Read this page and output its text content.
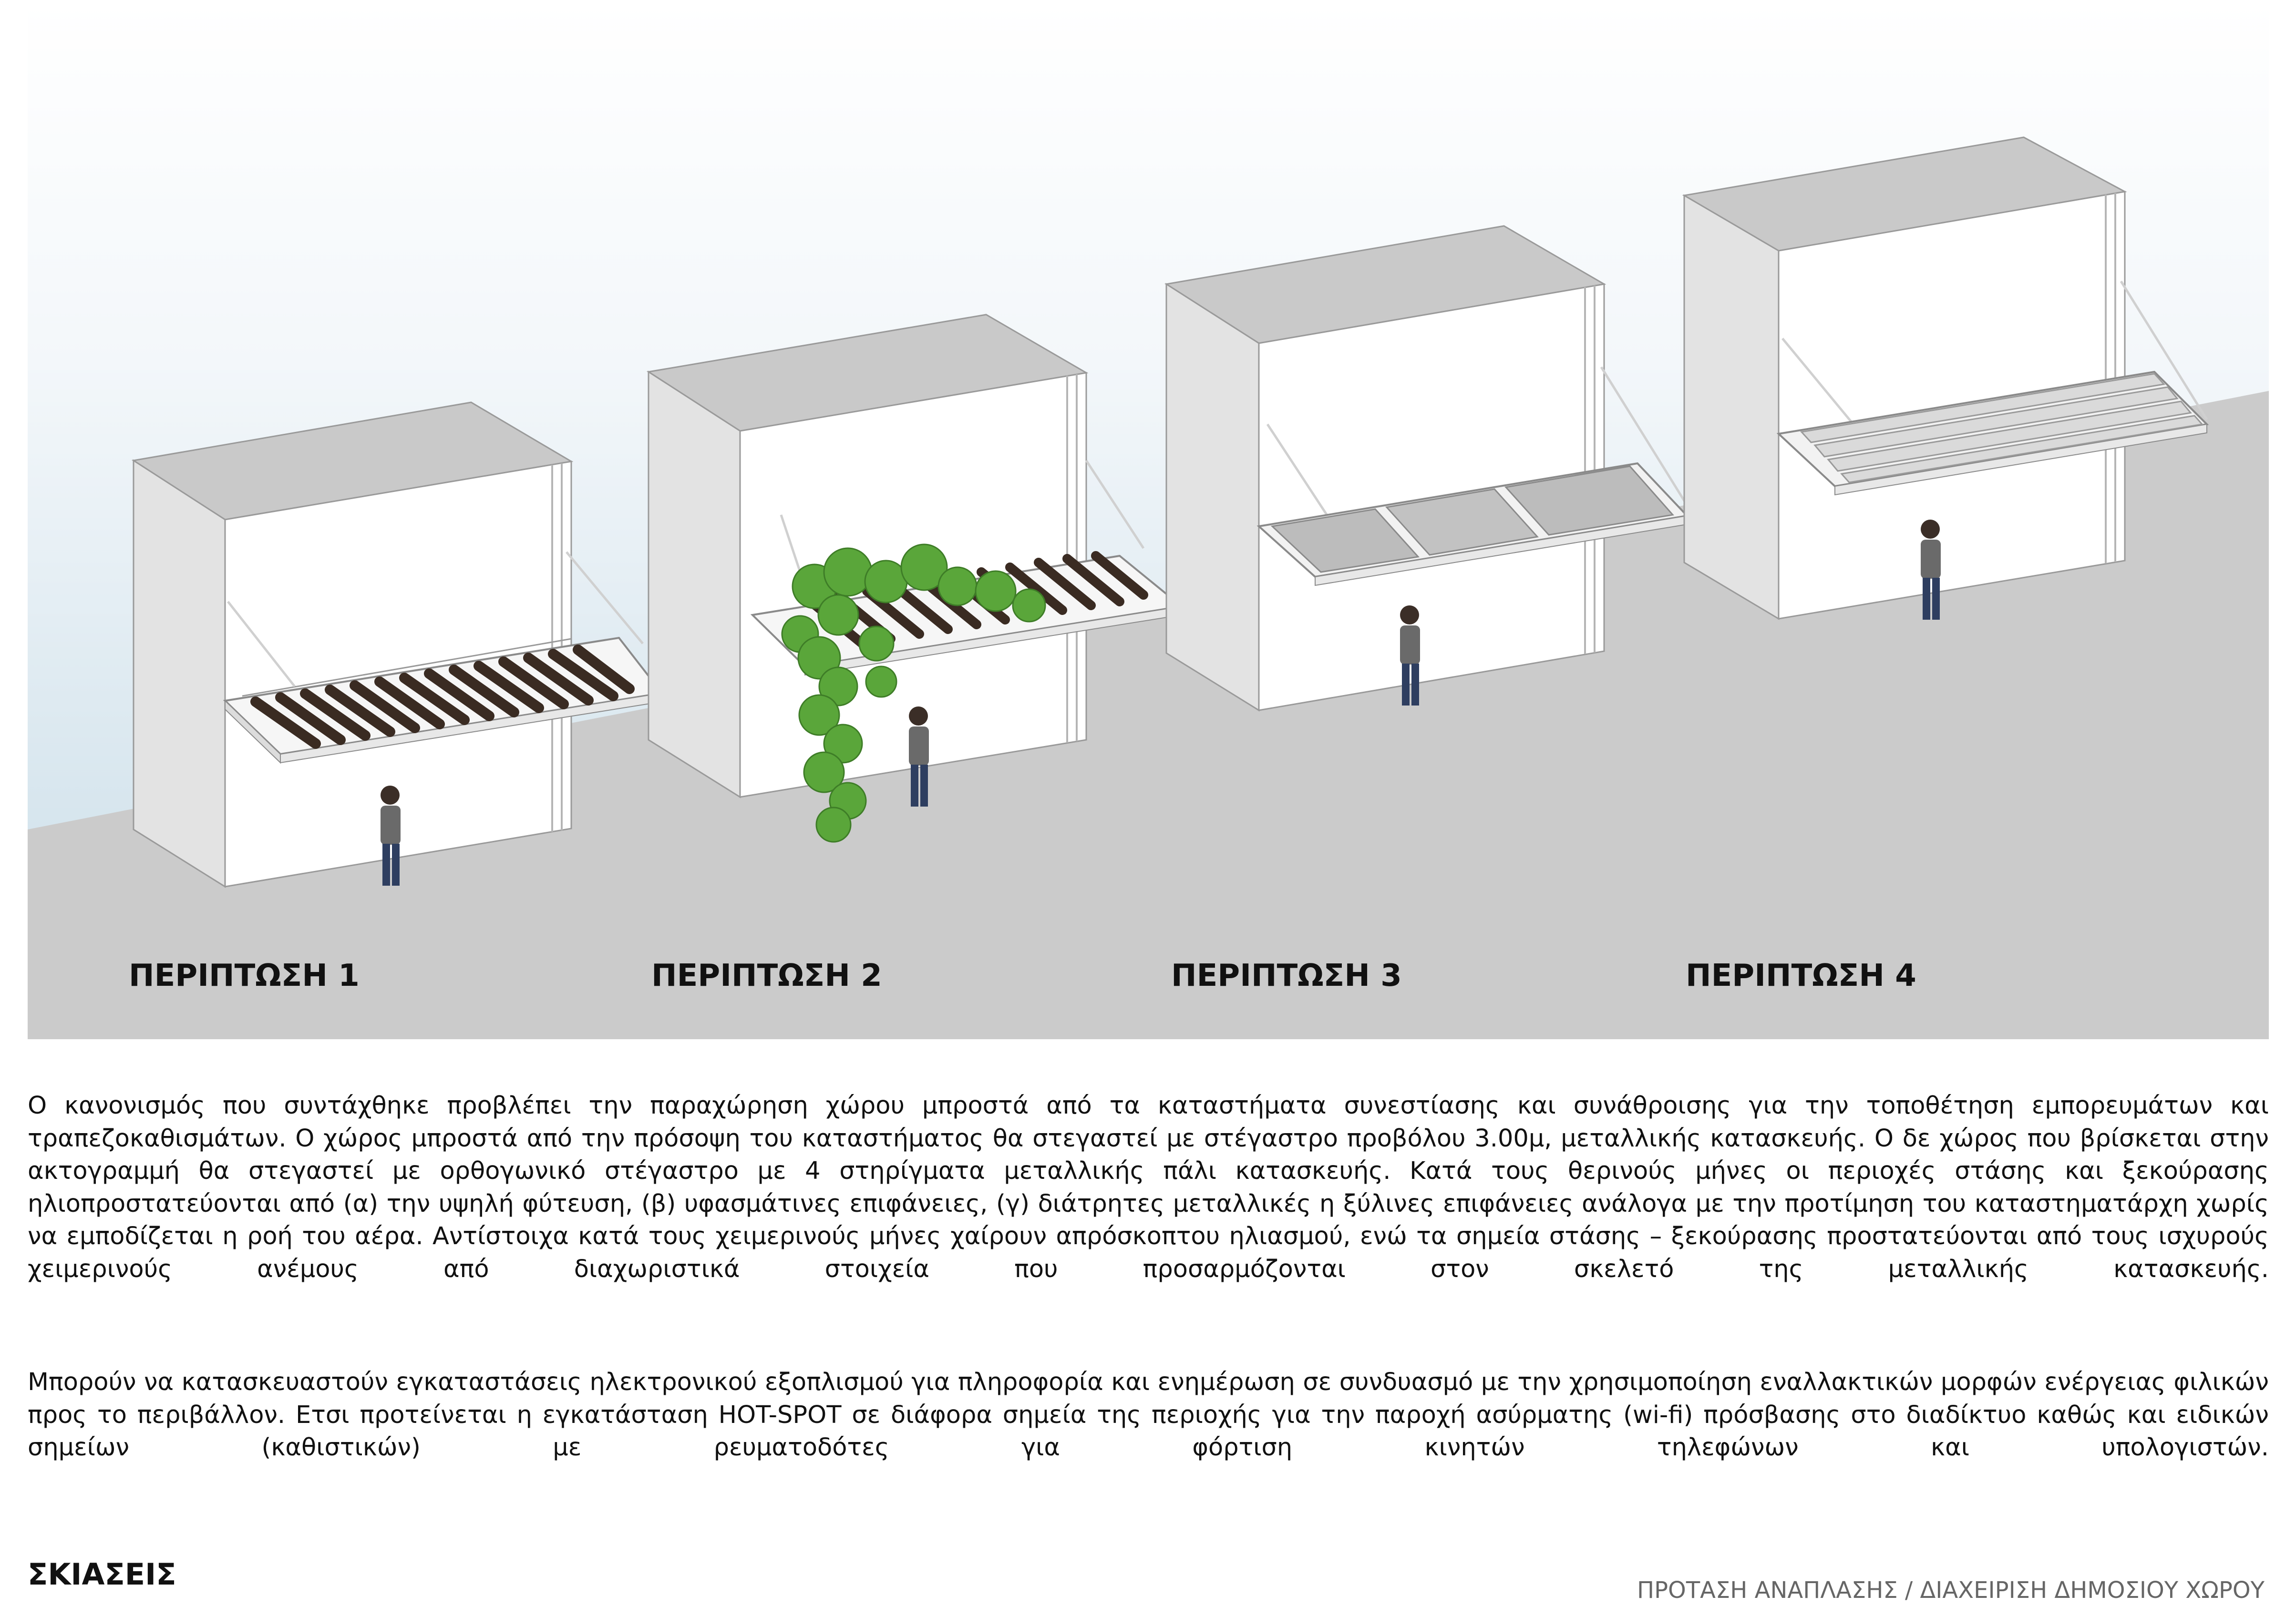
ΠΕΡΙΠΤΩΣΗ 1	ΠΕΡΙΠΤΩΣΗ 2	ΠΕΡΙΠΤΩΣΗ 3	ΠΕΡΙΠΤΩΣΗ 4

Ο κανονισμός που συντάχθηκε προβλέπει την παραχώρηση χώρου μπροστά από τα καταστήματα συνεστίασης και συνάθροισης για την τοποθέτηση εμπορευμάτων και τραπεζοκαθισμάτων. Ο χώρος μπροστά από την πρόσοψη του καταστήματος θα στεγαστεί με στέγαστρο προβόλου 3.00μ, μεταλλικής κατασκευής. Ο δε χώρος που βρίσκεται στην ακτογραμμή θα στεγαστεί με ορθογωνικό στέγαστρο με 4 στηρίγματα μεταλλικής πάλι κατασκευής. Κατά τους θερινούς μήνες οι περιοχές στάσης και ξεκούρασης ηλιοπροστατεύονται από (α) την υψηλή φύτευση, (β) υφασμάτινες επιφάνειες, (γ) διάτρητες μεταλλικές η ξύλινες επιφάνειες ανάλογα με την προτίμηση του καταστηματάρχη χωρίς να εμποδίζεται η ροή του αέρα. Αντίστοιχα κατά τους χειμερινούς μήνες χαίρουν απρόσκοπτου ηλιασμού, ενώ τα σημεία στάσης – ξεκούρασης προστατεύονται από τους ισχυρούς χειμερινούς ανέμους από διαχωριστικά στοιχεία που προσαρμόζονται στον σκελετό της μεταλλικής κατασκευής.

Μπορούν να κατασκευαστούν εγκαταστάσεις ηλεκτρονικού εξοπλισμού για πληροφορία και ενημέρωση σε συνδυασμό με την χρησιμοποίηση εναλλακτικών μορφών ενέργειας φιλικών προς το περιβάλλον. Ετσι προτείνεται η εγκατάσταση HOT-SPOT σε διάφορα σημεία της περιοχής για την παροχή ασύρματης (wi-fi) πρόσβασης στο διαδίκτυο καθώς και ειδικών σημείων (καθιστικών) με ρευματοδότες για φόρτιση κινητών τηλεφώνων και υπολογιστών.

ΣΚΙΑΣΕΙΣ	ΠΡΟΤΑΣΗ ΑΝΑΠΛΑΣΗΣ / ΔΙΑΧΕΙΡΙΣΗ ΔΗΜΟΣΙΟΥ ΧΩΡΟΥ
